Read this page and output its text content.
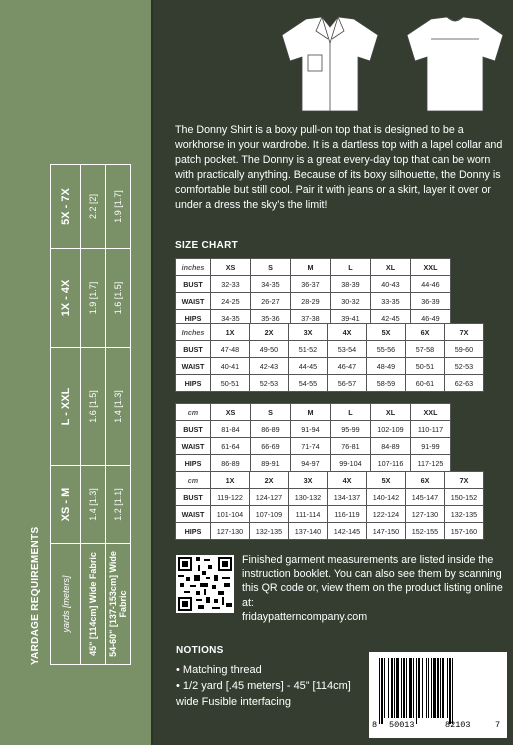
YARDAGE REQUIREMENTS yards [meters]	XS - M	L - XXL	1X - 4X	5X - 7X
45" [114cm] Wide Fabric	1.4 [1.3]	1.6 [1.5]	1.9 [1.7]	2.2 [2]
54-60" [137-153cm] Wide Fabric	1.2 [1.1]	1.4 [1.3]	1.6 [1.5]	1.9 [1.7]
The Donny Shirt is a boxy pull-on top that is designed to be a workhorse in your wardrobe. It is a dartless top with a lapel collar and patch pocket. The Donny is a great every-day top that can be worn with practically anything. Because of its boxy silhouette, the Donny is comfortable but still cool. Pair it with jeans or a skirt, layer it over or under a dress the sky’s the limit!
SIZE CHART
inches	XS	S	M	L	XL	XXL
BUST	32-33	34-35	36-37	38-39	40-43	44-46
WAIST	24-25	26-27	28-29	30-32	33-35	36-39
HIPS	34-35	35-36	37-38	39-41	42-45	46-49
Inches	1X	2X	3X	4X	5X	6X	7X
BUST	47-48	49-50	51-52	53-54	55-56	57-58	59-60
WAIST	40-41	42-43	44-45	46-47	48-49	50-51	52-53
HIPS	50-51	52-53	54-55	56-57	58-59	60-61	62-63
cm	XS	S	M	L	XL	XXL
BUST	81-84	86-89	91-94	95-99	102-109	110-117
WAIST	61-64	66-69	71-74	76-81	84-89	91-99
HIPS	86-89	89-91	94-97	99-104	107-116	117-125
cm	1X	2X	3X	4X	5X	6X	7X
BUST	119-122	124-127	130-132	134-137	140-142	145-147	150-152
WAIST	101-104	107-109	111-114	116-119	122-124	127-130	132-135
HIPS	127-130	132-135	137-140	142-145	147-150	152-155	157-160
Finished garment measurements are listed inside the instruction booklet. You can also see them by scanning this QR code or, view them on the product listing online at:
fridaypatterncompany.com
NOTIONS
• Matching thread
• 1/2 yard [.45 meters] - 45” [114cm] wide Fusible interfacing
8 50013	82103	7
